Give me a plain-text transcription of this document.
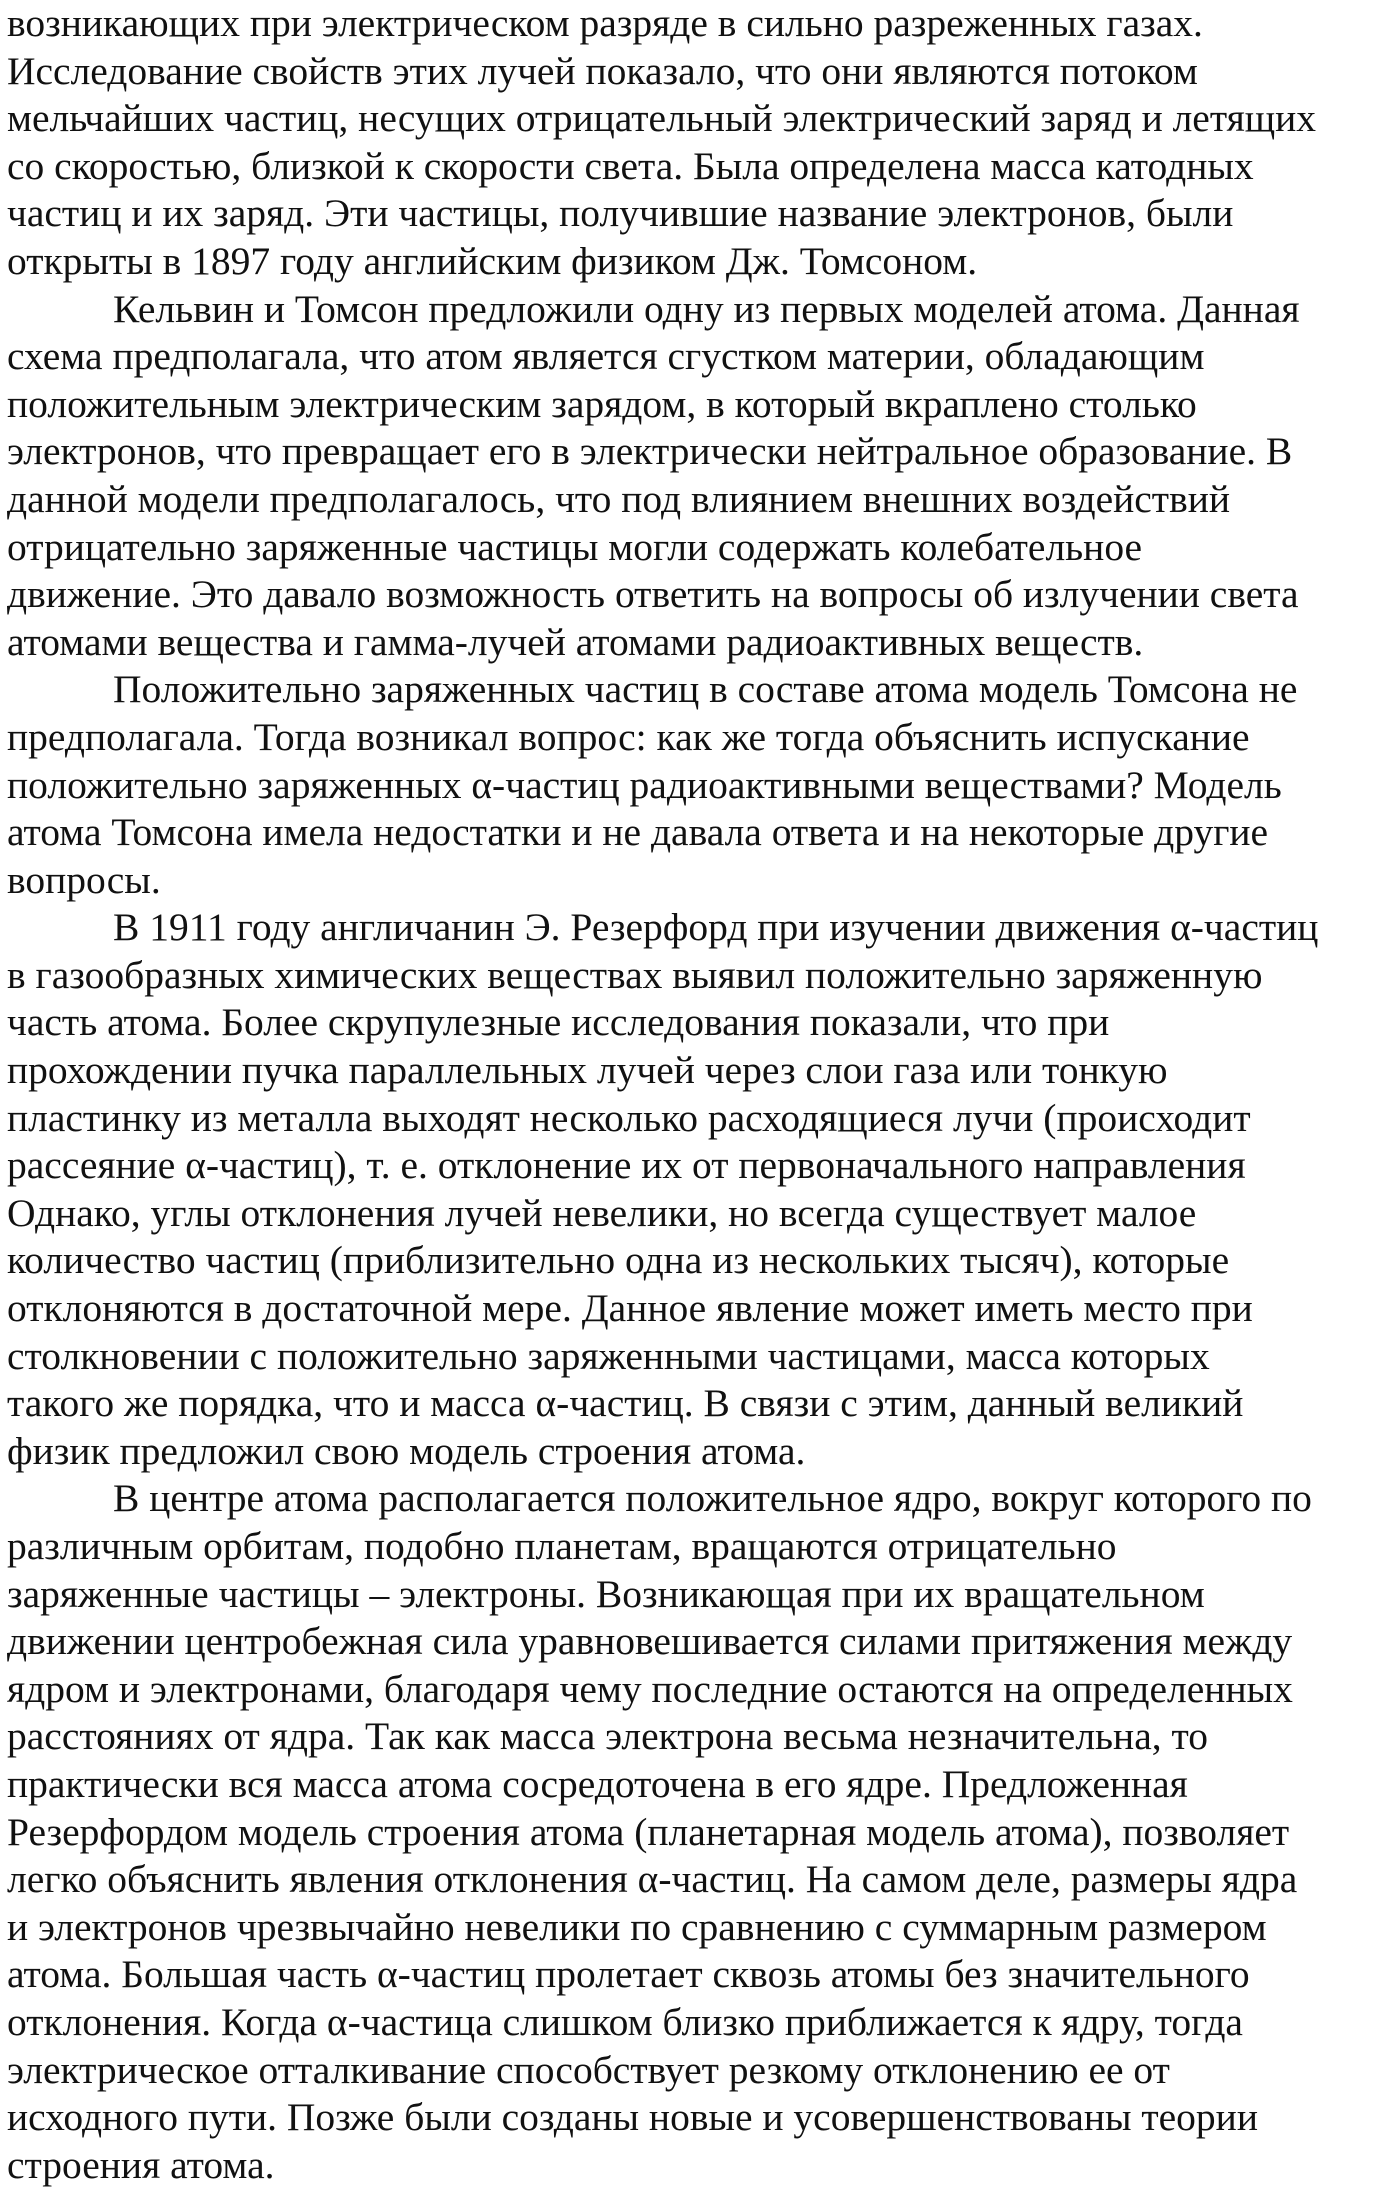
возникающих при электрическом разряде в сильно разреженных газах.
Исследование свойств этих лучей показало, что они являются потоком
мельчайших частиц, несущих отрицательный электрический заряд и летящих
со скоростью, близкой к скорости света. Была определена масса катодных
частиц и их заряд. Эти частицы, получившие название электронов, были
открыты в 1897 году английским физиком Дж. Томсоном.

Кельвин и Томсон предложили одну из первых моделей атома. Данная
схема предполагала, что атом является сгустком материи, обладающим
положительным электрическим зарядом, в который вкраплено столько
электронов, что превращает его в электрически нейтральное образование. В
данной модели предполагалось, что под влиянием внешних воздействий
отрицательно заряженные частицы могли содержать колебательное
движение. Это давало возможность ответить на вопросы об излучении света
атомами вещества и гамма-лучей атомами радиоактивных веществ.

Положительно заряженных частиц в составе атома модель Томсона не
предполагала. Тогда возникал вопрос: как же тогда объяснить испускание
положительно заряженных α-частиц радиоактивными веществами? Модель
атома Томсона имела недостатки и не давала ответа и на некоторые другие
вопросы.

В 1911 году англичанин Э. Резерфорд при изучении движения α-частиц
в газообразных химических веществах выявил положительно заряженную
часть атома. Более скрупулезные исследования показали, что при
прохождении пучка параллельных лучей через слои газа или тонкую
пластинку из металла выходят несколько расходящиеся лучи (происходит
рассеяние α-частиц), т. е. отклонение их от первоначального направления
Однако, углы отклонения лучей невелики, но всегда существует малое
количество частиц (приблизительно одна из нескольких тысяч), которые
отклоняются в достаточной мере. Данное явление может иметь место при
столкновении с положительно заряженными частицами, масса которых
такого же порядка, что и масса α-частиц. В связи с этим, данный великий
физик предложил свою модель строения атома.

В центре атома располагается положительное ядро, вокруг которого по
различным орбитам, подобно планетам, вращаются отрицательно
заряженные частицы – электроны. Возникающая при их вращательном
движении центробежная сила уравновешивается силами притяжения между
ядром и электронами, благодаря чему последние остаются на определенных
расстояниях от ядра. Так как масса электрона весьма незначительна, то
практически вся масса атома сосредоточена в его ядре. Предложенная
Резерфордом модель строения атома (планетарная модель атома), позволяет
легко объяснить явления отклонения α-частиц. На самом деле, размеры ядра
и электронов чрезвычайно невелики по сравнению с суммарным размером
атома. Большая часть α-частиц пролетает сквозь атомы без значительного
отклонения. Когда α-частица слишком близко приближается к ядру, тогда
электрическое отталкивание способствует резкому отклонению ее от
исходного пути. Позже были созданы новые и усовершенствованы теории
строения атома.
